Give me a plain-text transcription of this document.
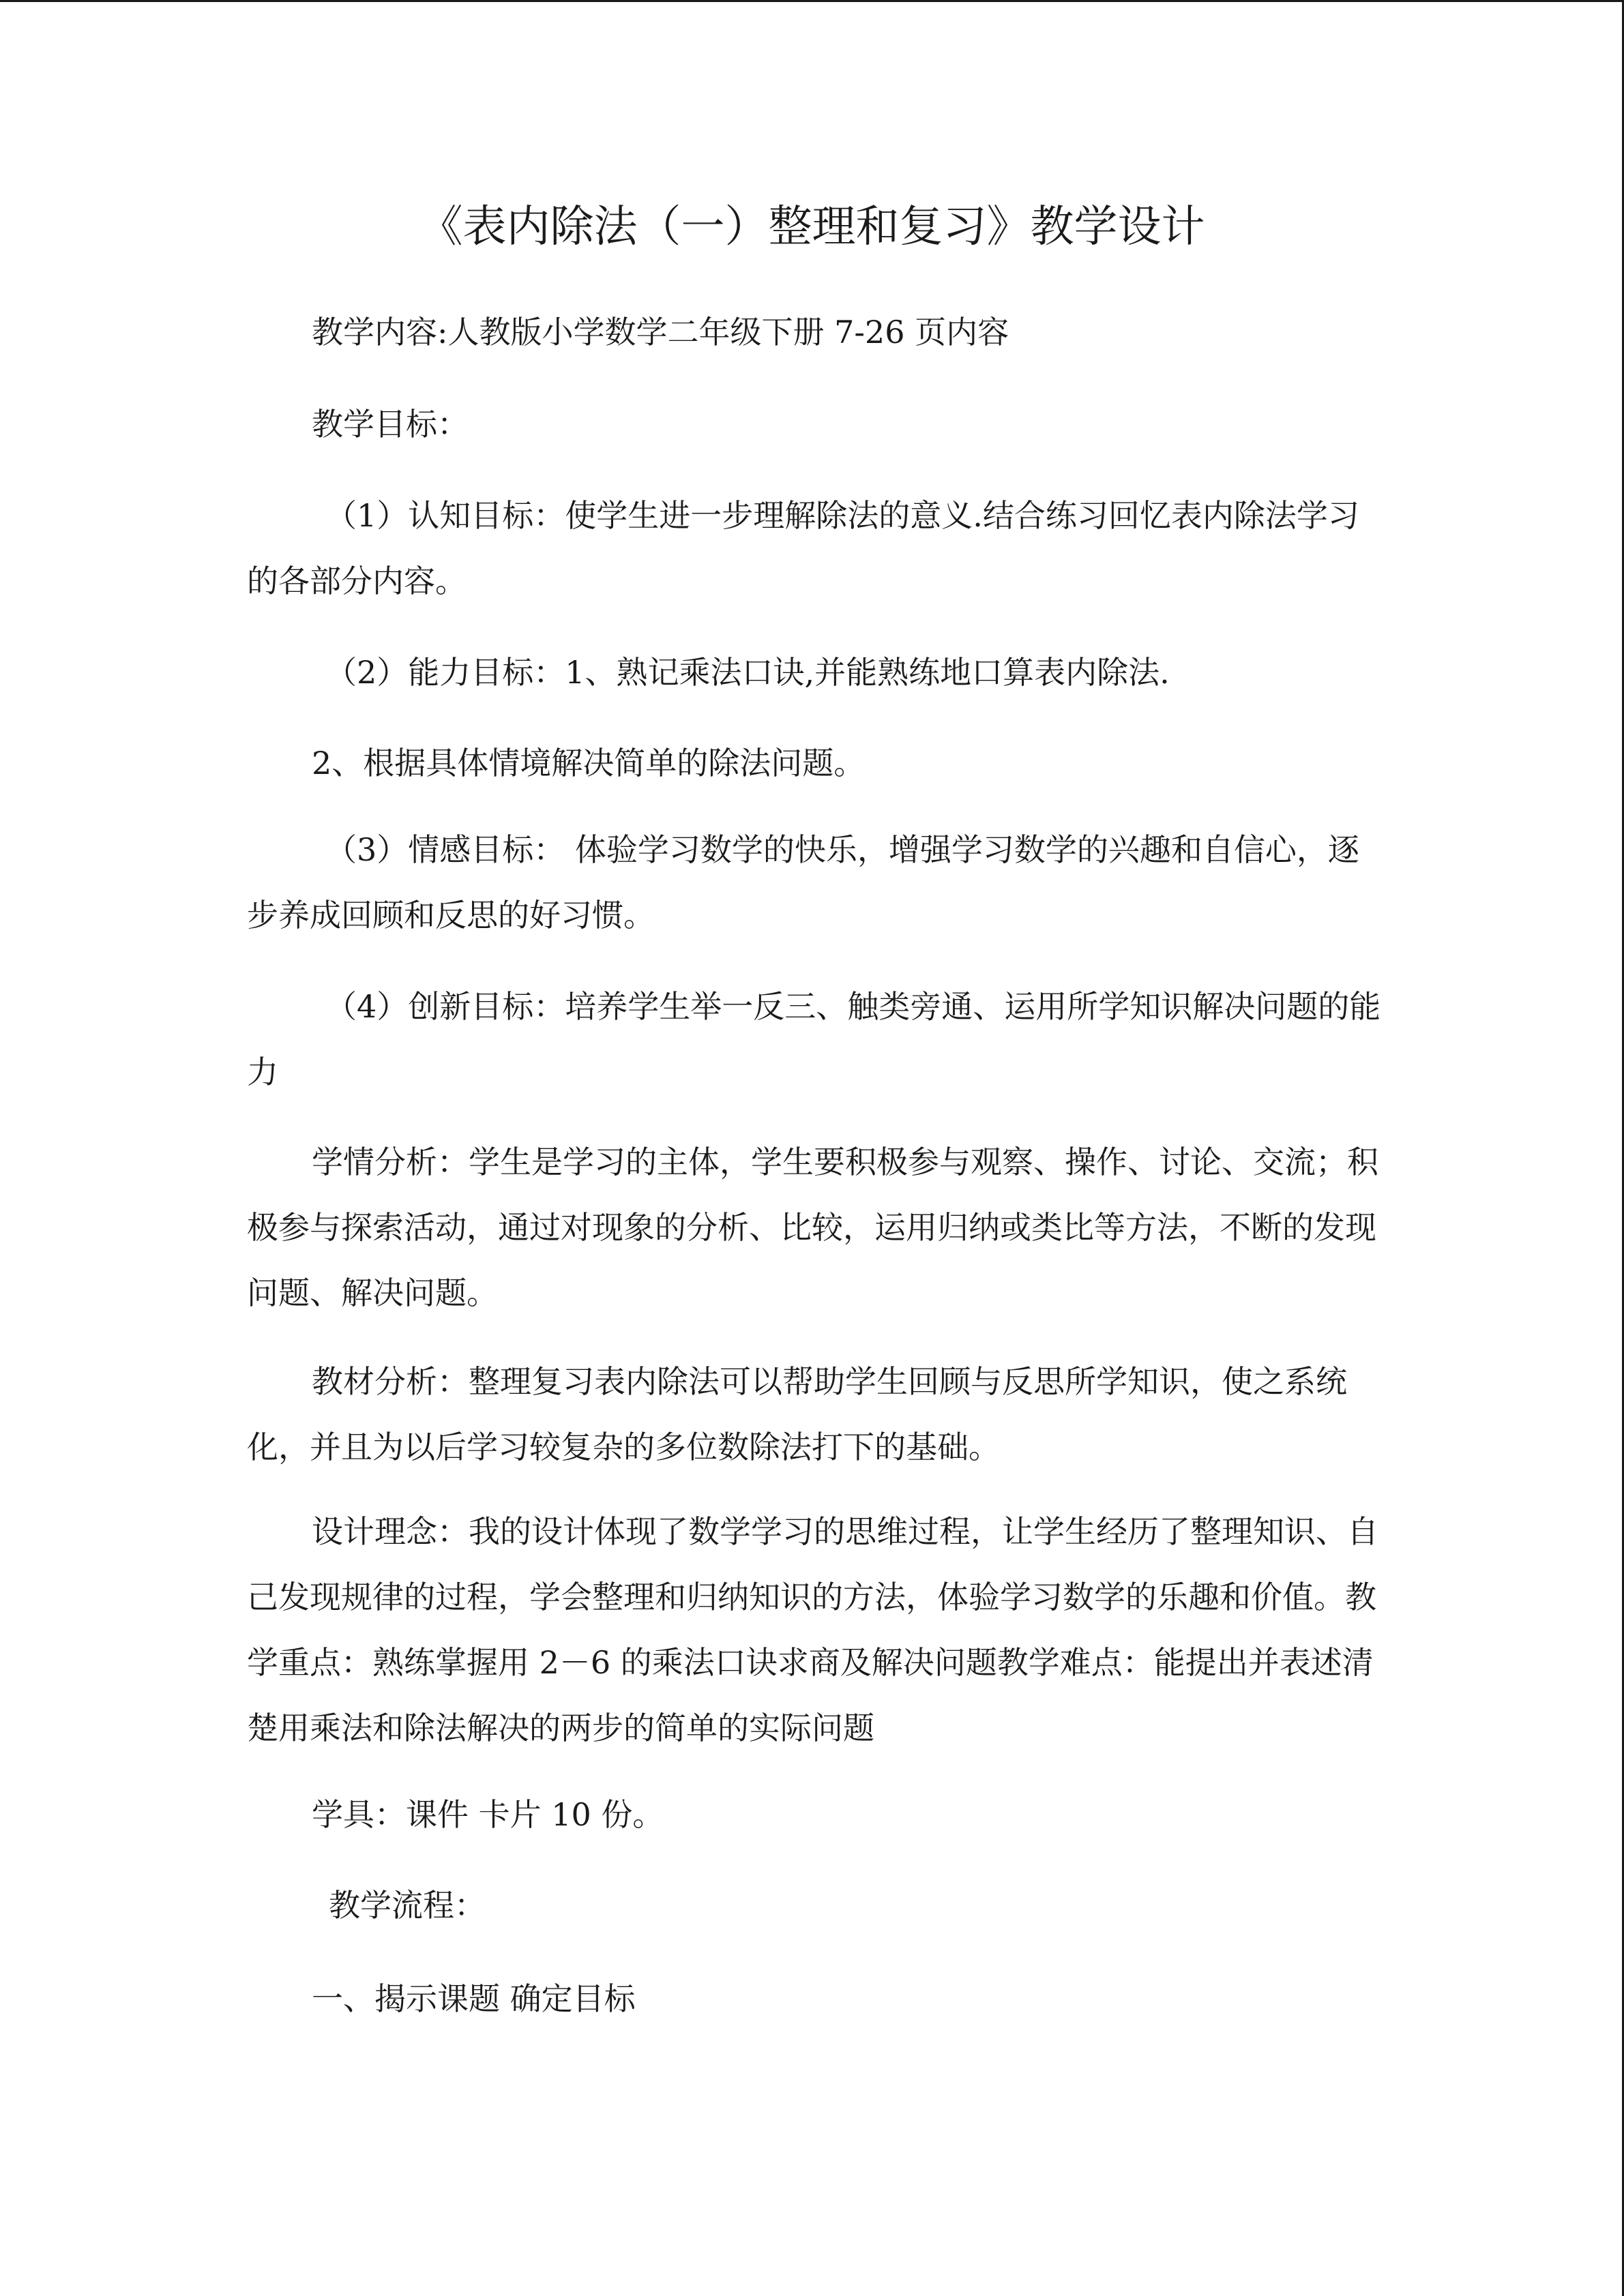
《表内除法（一）整理和复习》教学设计

教学内容:人教版小学数学二年级下册 7-26 页内容

教学目标：

（1）认知目标：使学生进一步理解除法的意义.结合练习回忆表内除法学习的各部分内容。

（2）能力目标：1、熟记乘法口诀,并能熟练地口算表内除法.

2、根据具体情境解决简单的除法问题。

（3）情感目标： 体验学习数学的快乐，增强学习数学的兴趣和自信心，逐步养成回顾和反思的好习惯。

（4）创新目标：培养学生举一反三、触类旁通、运用所学知识解决问题的能力

学情分析：学生是学习的主体，学生要积极参与观察、操作、讨论、交流；积极参与探索活动，通过对现象的分析、比较，运用归纳或类比等方法，不断的发现问题、解决问题。

教材分析：整理复习表内除法可以帮助学生回顾与反思所学知识，使之系统化，并且为以后学习较复杂的多位数除法打下的基础。

设计理念：我的设计体现了数学学习的思维过程，让学生经历了整理知识、自己发现规律的过程，学会整理和归纳知识的方法，体验学习数学的乐趣和价值。教学重点：熟练掌握用 2－6 的乘法口诀求商及解决问题教学难点：能提出并表述清楚用乘法和除法解决的两步的简单的实际问题

学具：课件 卡片 10 份。

教学流程：

一、揭示课题 确定目标
